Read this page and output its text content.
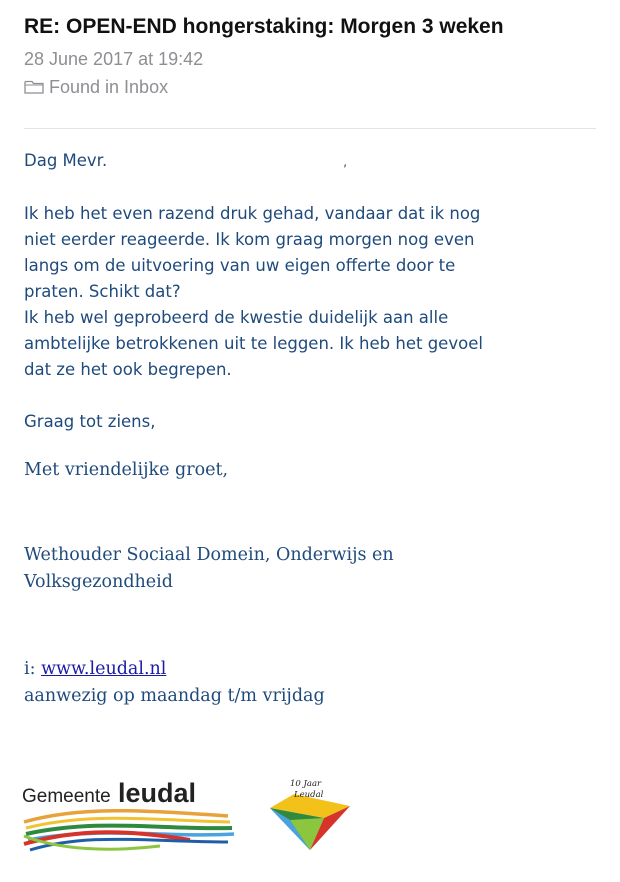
RE: OPEN-END hongerstaking: Morgen 3 weken
28 June 2017 at 19:42
Found in Inbox
Dag Mevr.	,
Ik heb het even razend druk gehad, vandaar dat ik nog
niet eerder reageerde. Ik kom graag morgen nog even
langs om de uitvoering van uw eigen offerte door te
praten. Schikt dat?
Ik heb wel geprobeerd de kwestie duidelijk aan alle
ambtelijke betrokkenen uit te leggen. Ik heb het gevoel
dat ze het ook begrepen.
Graag tot ziens,
Met vriendelijke groet,
Wethouder Sociaal Domein, Onderwijs en
Volksgezondheid
i: www.leudal.nl
aanwezig op maandag t/m vrijdag
Gemeente leudal	10 Jaar
Leudal
